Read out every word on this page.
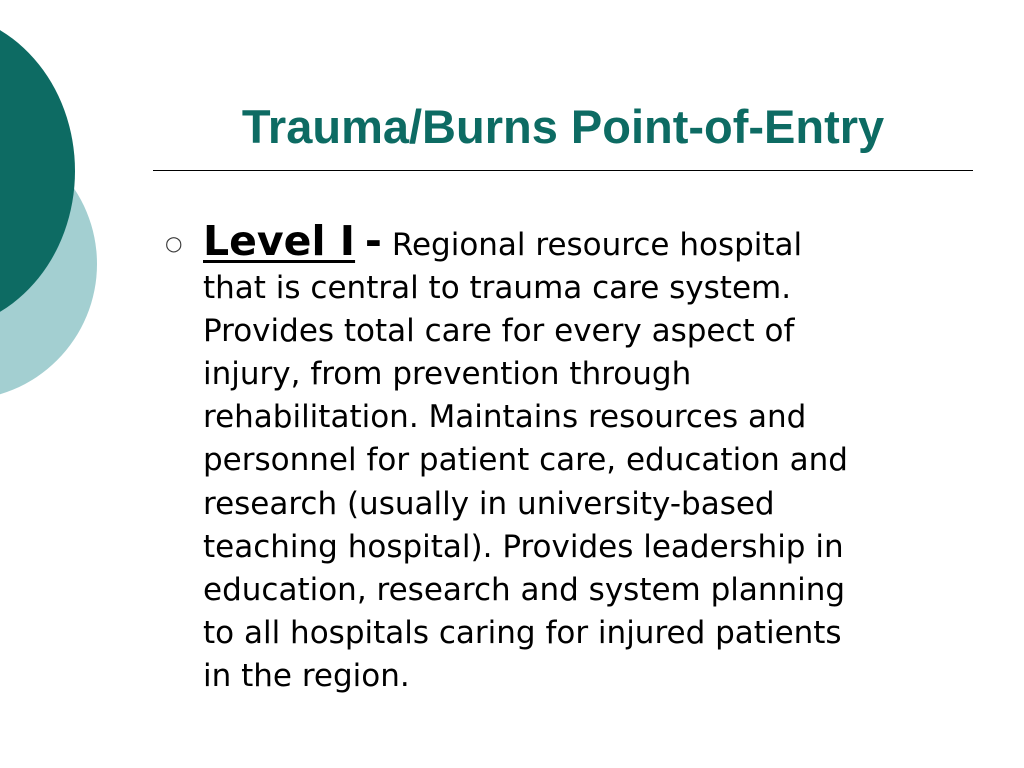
Trauma/Burns Point-of-Entry
○ Level I - Regional resource hospital
that is central to trauma care system.
Provides total care for every aspect of
injury, from prevention through
rehabilitation. Maintains resources and
personnel for patient care, education and
research (usually in university-based
teaching hospital). Provides leadership in
education, research and system planning
to all hospitals caring for injured patients
in the region.
